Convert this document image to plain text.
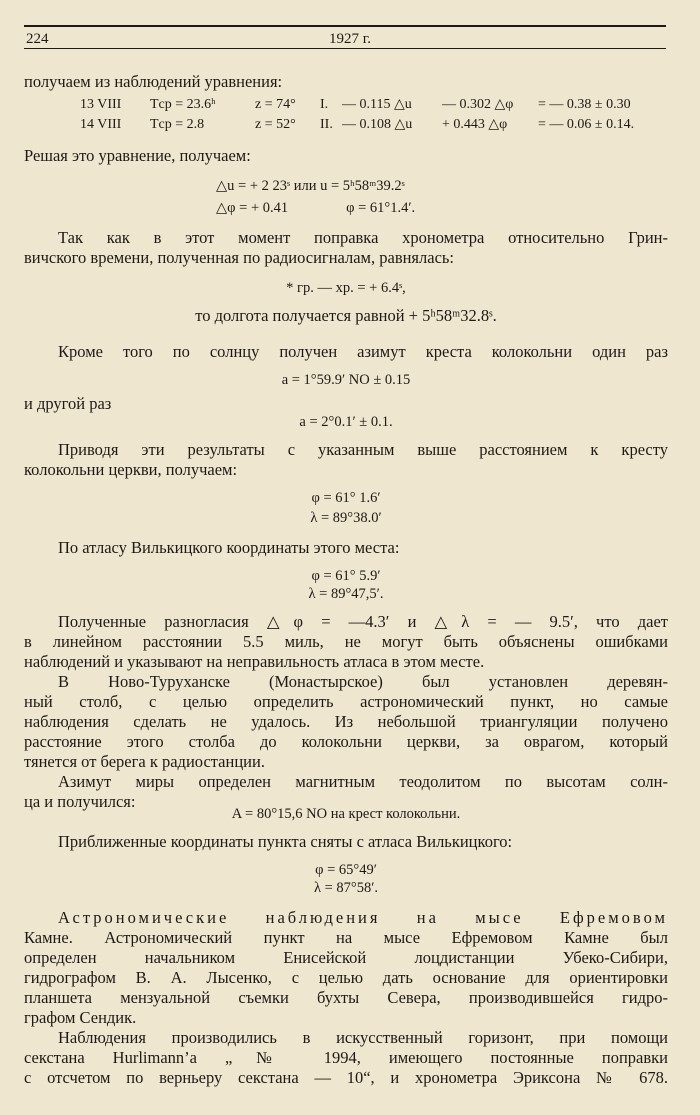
224	1927 г.
получаем из наблюдений уравнения:
13 VIII Tср = 23.6ʰ	z = 74° I. — 0.115 △u — 0.302 △φ = — 0.38 ± 0.30
14 VIII Tср = 2.8	z = 52° II. — 0.108 △u + 0.443 △φ = — 0.06 ± 0.14.
Решая это уравнение, получаем:
△u = + 2 23ˢ или u = 5ʰ58ᵐ39.2ˢ
△φ = + 0.41                φ = 61°1.4′.
Так как в этот момент поправка хронометра относительно Грин-
вичского времени, полученная по радиосигналам, равнялась:
* гр. — хр. = + 6.4ˢ,
то долгота получается равной + 5ʰ58ᵐ32.8ˢ.
Кроме того по солнцу получен азимут креста колокольни один раз
a = 1°59.9′ NO ± 0.15
и другой раз
a = 2°0.1′ ± 0.1.
Приводя эти результаты с указанным выше расстоянием к кресту
колокольни церкви, получаем:
φ = 61° 1.6′
λ = 89°38.0′
По атласу Вилькицкого координаты этого места:
φ = 61° 5.9′
λ = 89°47,5′.
Полученные разногласия △φ = —4.3′ и △λ = — 9.5′, что дает
в линейном расстоянии 5.5 миль, не могут быть объяснены ошибками
наблюдений и указывают на неправильность атласа в этом месте.
В Ново-Туруханске (Монастырское) был установлен деревян-
ный столб, с целью определить астрономический пункт, но самые
наблюдения сделать не удалось. Из небольшой триангуляции получено
расстояние этого столба до колокольни церкви, за оврагом, который
тянется от берега к радиостанции.
Азимут миры определен магнитным теодолитом по высотам солн-
ца и получился:
A = 80°15,6 NO на крест колокольни.
Приближенные координаты пункта сняты с атласа Вилькицкого:
φ = 65°49′
λ = 87°58′.
Астрономические наблюдения на мысе Ефремовом
Камне. Астрономический пункт на мысе Ефремовом Камне был
определен начальником Енисейской лоцдистанции Убеко-Сибири,
гидрографом В. А. Лысенко, с целью дать основание для ориентировки
планшета мензуальной съемки бухты Севера, производившейся гидро-
графом Сендик.
Наблюдения производились в искусственный горизонт, при помощи
секстана Hurlimann’a „№ 1994, имеющего постоянные поправки
с отсчетом по верньеру секстана — 10“, и хронометра Эриксона № 678.
